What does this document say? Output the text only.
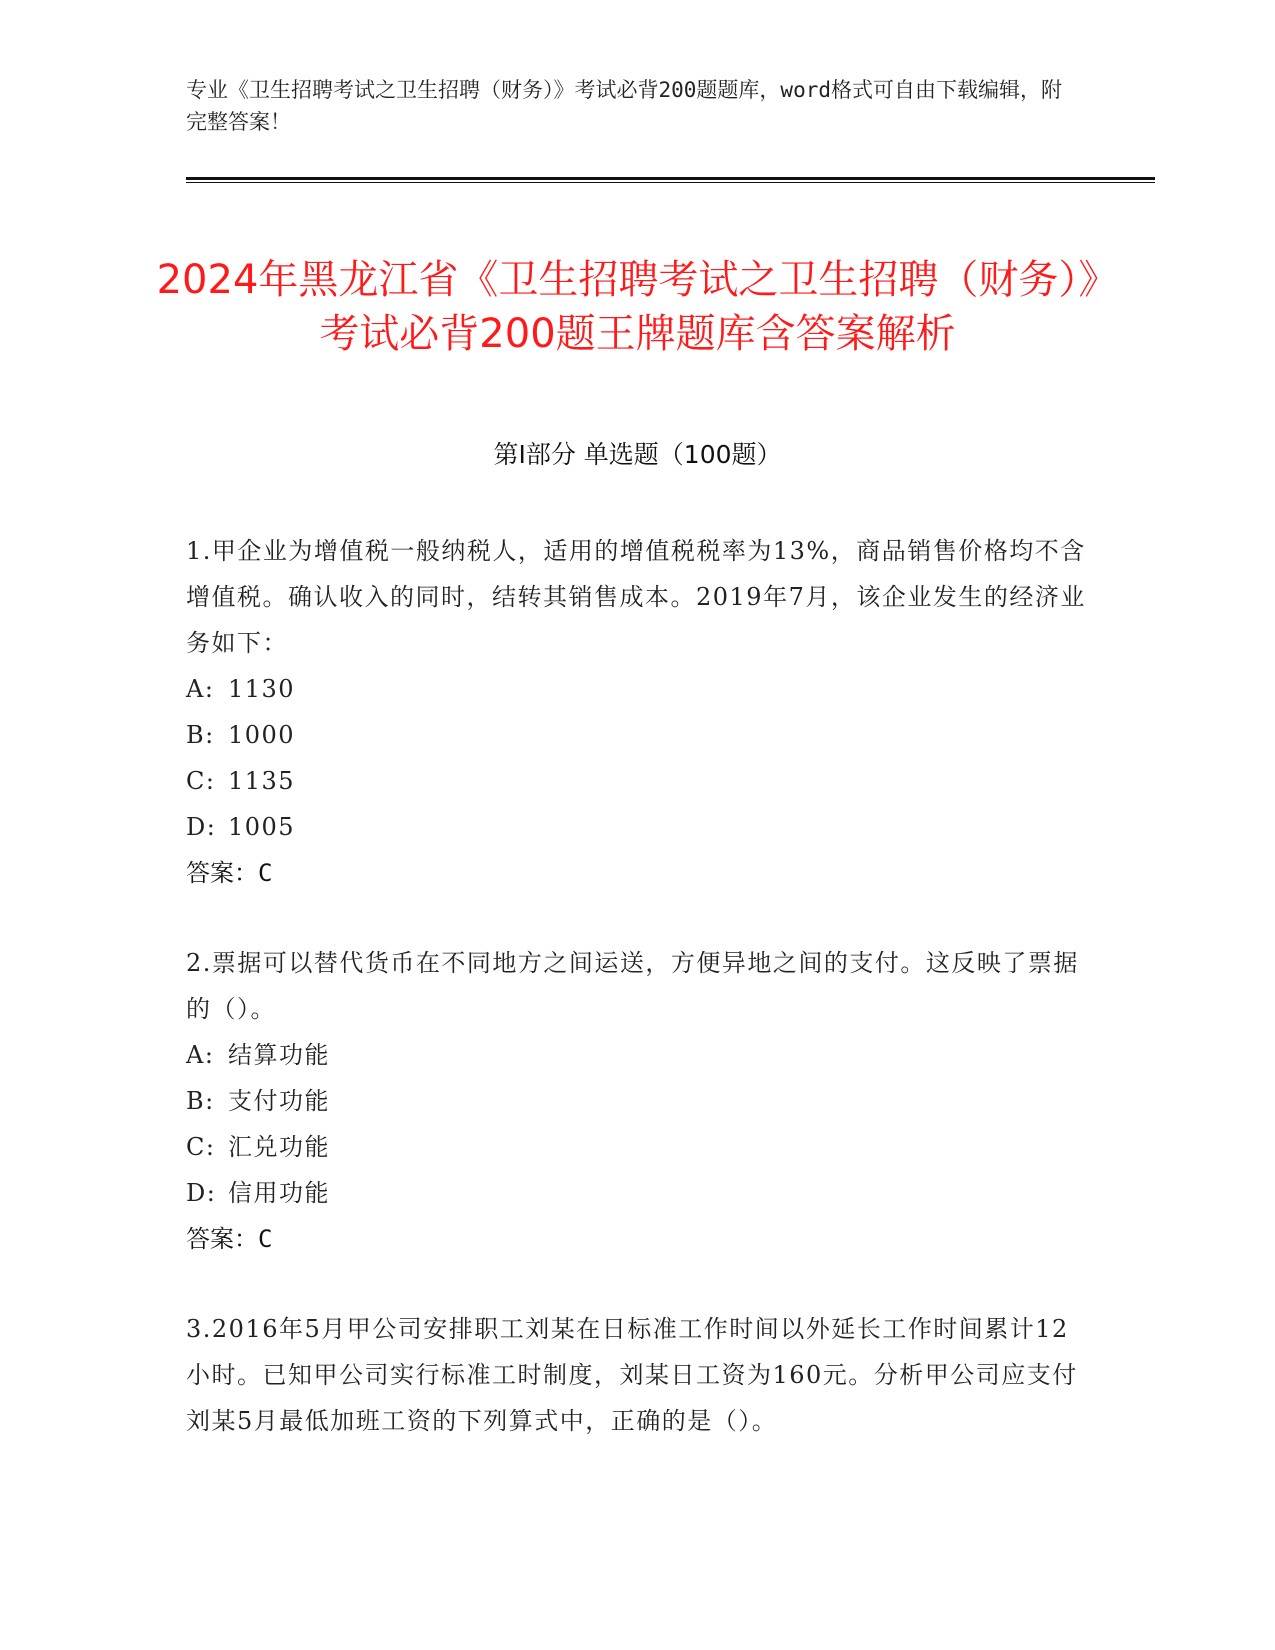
专业《卫生招聘考试之卫生招聘（财务）》考试必背200题题库，word格式可自由下载编辑，附完整答案！
2024年黑龙江省《卫生招聘考试之卫生招聘（财务）》考试必背200题王牌题库含答案解析
第Ⅰ部分 单选题（100题）
1.甲企业为增值税一般纳税人，适用的增值税税率为13%，商品销售价格均不含增值税。确认收入的同时，结转其销售成本。2019年7月，该企业发生的经济业务如下：
A: 1130
B: 1000
C: 1135
D: 1005
答案：C
2.票据可以替代货币在不同地方之间运送，方便异地之间的支付。这反映了票据的（）。
A: 结算功能
B: 支付功能
C: 汇兑功能
D: 信用功能
答案：C
3.2016年5月甲公司安排职工刘某在日标准工作时间以外延长工作时间累计12小时。已知甲公司实行标准工时制度，刘某日工资为160元。分析甲公司应支付刘某5月最低加班工资的下列算式中，正确的是（）。
